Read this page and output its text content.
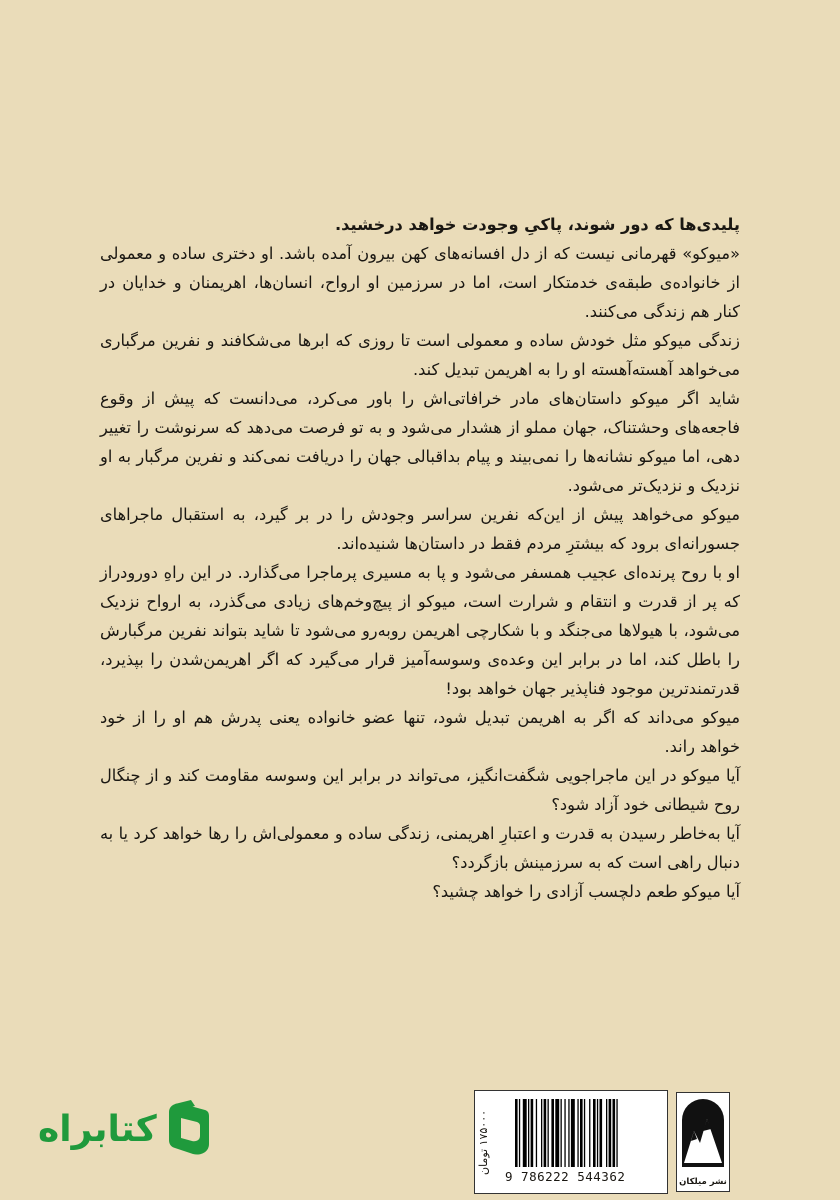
پلیدی‌ها که دور شوند، پاکیِ وجودت خواهد درخشید.

«میوکو» قهرمانی نیست که از دل افسانه‌های کهن بیرون آمده باشد. او دختری ساده و معمولی از خانواده‌ی طبقه‌ی خدمتکار است، اما در سرزمین او ارواح، انسان‌ها، اهریمنان و خدایان در کنار هم زندگی می‌کنند.

زندگی میوکو مثل خودش ساده و معمولی است تا روزی که ابرها می‌شکافند و نفرین مرگباری می‌خواهد آهسته‌آهسته او را به اهریمن تبدیل کند.

شاید اگر میوکو داستان‌های مادر خرافاتی‌اش را باور می‌کرد، می‌دانست که پیش از وقوع فاجعه‌های وحشتناک، جهان مملو از هشدار می‌شود و به تو فرصت می‌دهد که سرنوشت را تغییر دهی، اما میوکو نشانه‌ها را نمی‌بیند و پیام بداقبالی جهان را دریافت نمی‌کند و نفرین مرگبار به او نزدیک و نزدیک‌تر می‌شود.

میوکو می‌خواهد پیش از این‌که نفرین سراسر وجودش را در بر گیرد، به استقبال ماجراهای جسورانه‌ای برود که بیشترِ مردم فقط در داستان‌ها شنیده‌اند.

او با روح پرنده‌ای عجیب همسفر می‌شود و پا به مسیری پرماجرا می‌گذارد. در این راهِ دورودراز که پر از قدرت و انتقام و شرارت است، میوکو از پیچ‌وخم‌های زیادی می‌گذرد، به ارواح نزدیک می‌شود، با هیولاها می‌جنگد و با شکارچی اهریمن روبه‌رو می‌شود تا شاید بتواند نفرین مرگبارش را باطل کند، اما در برابر این وعده‌ی وسوسه‌آمیز قرار می‌گیرد که اگر اهریمن‌شدن را بپذیرد، قدرتمندترین موجود فناپذیر جهان خواهد بود!

میوکو می‌داند که اگر به اهریمن تبدیل شود، تنها عضو خانواده یعنی پدرش هم او را از خود خواهد راند.

آیا میوکو در این ماجراجویی شگفت‌انگیز، می‌تواند در برابر این وسوسه مقاومت کند و از چنگال روح شیطانی خود آزاد شود؟

آیا به‌خاطر رسیدن به قدرت و اعتبارِ اهریمنی، زندگی ساده و معمولی‌اش را رها خواهد کرد یا به دنبال راهی است که به سرزمینش بازگردد؟

آیا میوکو طعم دلچسب آزادی را خواهد چشید؟

کتابراه
۱۷۵۰۰۰ تومان
9 786222 544362	نشر میلکان
